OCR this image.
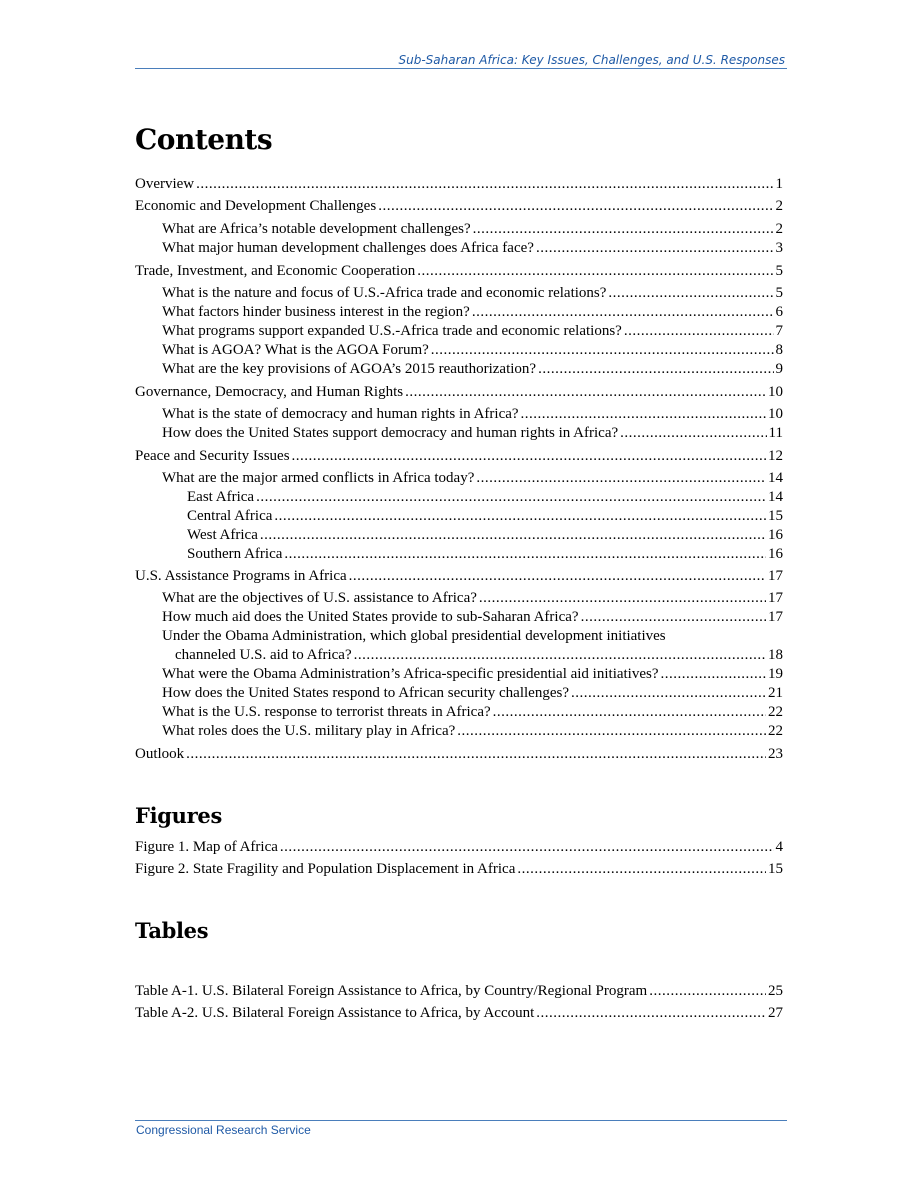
Sub-Saharan Africa: Key Issues, Challenges, and U.S. Responses
Contents
Overview .....	1
Economic and Development Challenges .....	2
What are Africa’s notable development challenges? .....	2
What major human development challenges does Africa face? .....	3
Trade, Investment, and Economic Cooperation .....	5
What is the nature and focus of U.S.-Africa trade and economic relations? .....	5
What factors hinder business interest in the region? .....	6
What programs support expanded U.S.-Africa trade and economic relations? .....	7
What is AGOA? What is the AGOA Forum? .....	8
What are the key provisions of AGOA’s 2015 reauthorization? .....	9
Governance, Democracy, and Human Rights .....	10
What is the state of democracy and human rights in Africa? .....	10
How does the United States support democracy and human rights in Africa? .....	11
Peace and Security Issues .....	12
What are the major armed conflicts in Africa today? .....	14
East Africa .....	14
Central Africa .....	15
West Africa .....	16
Southern Africa .....	16
U.S. Assistance Programs in Africa .....	17
What are the objectives of U.S. assistance to Africa? .....	17
How much aid does the United States provide to sub-Saharan Africa? .....	17
Under the Obama Administration, which global presidential development initiatives
channeled U.S. aid to Africa? .....	18
What were the Obama Administration’s Africa-specific presidential aid initiatives? .....	19
How does the United States respond to African security challenges? .....	21
What is the U.S. response to terrorist threats in Africa? .....	22
What roles does the U.S. military play in Africa? .....	22
Outlook .....	23
Figures
Figure 1. Map of Africa .....	4
Figure 2. State Fragility and Population Displacement in Africa .....	15
Tables
Table A-1. U.S. Bilateral Foreign Assistance to Africa, by Country/Regional Program .....	25
Table A-2. U.S. Bilateral Foreign Assistance to Africa, by Account .....	27
Congressional Research Service
